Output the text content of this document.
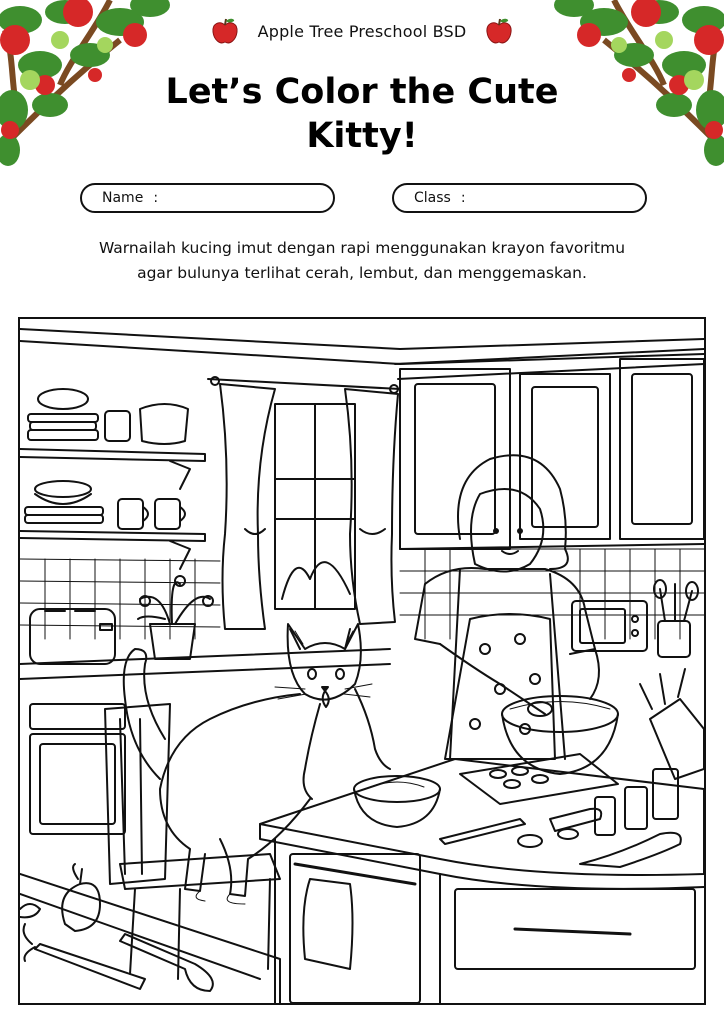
Apple Tree Preschool BSD
Let’s Color the Cute
Kitty!
Name :	Class :
Warnailah kucing imut dengan rapi menggunakan krayon favoritmu
agar bulunya terlihat cerah, lembut, dan menggemaskan.
